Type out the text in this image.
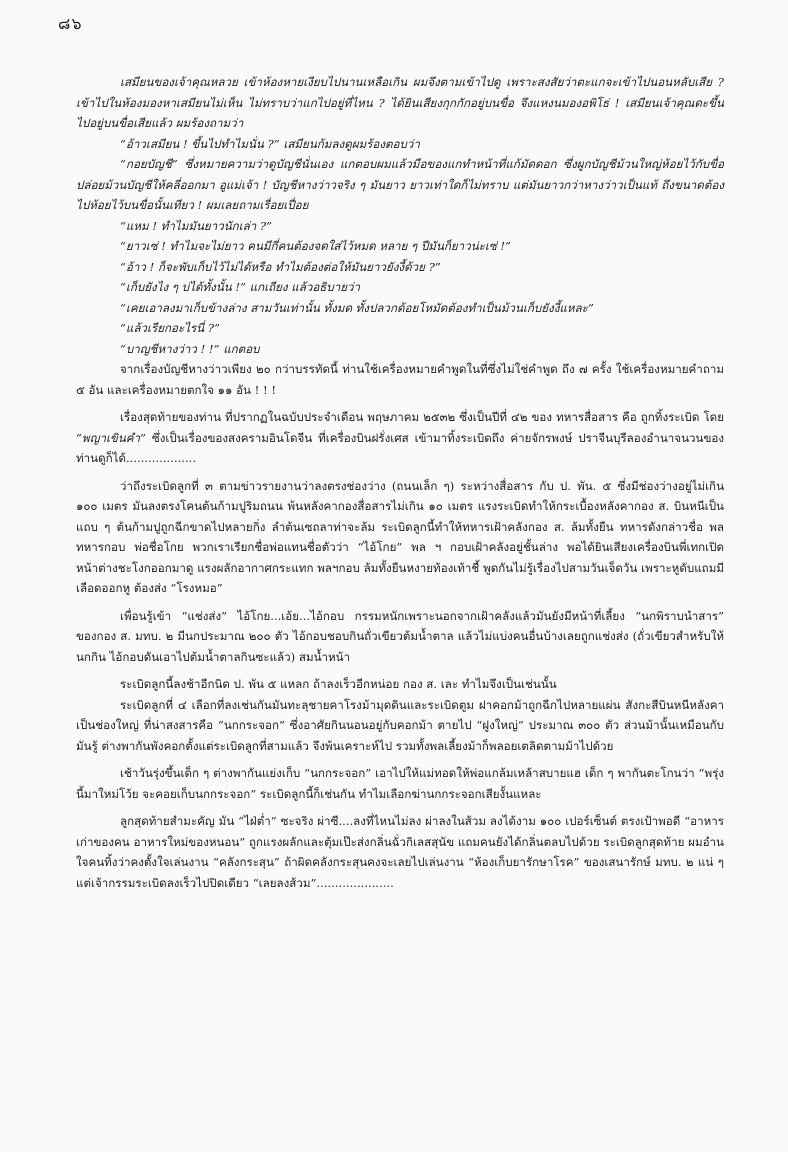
๘๖

เสมียนของเจ้าคุณหลวย เข้าห้องหายเงียบไปนานเหลือเกิน ผมจึงตามเข้าไปดู เพราะสงสัยว่าตะแกจะเข้าไปนอนหลับเสีย ? เข้าไปในห้องมองหาเสมียนไม่เห็น ไม่ทราบว่าแกไปอยู่ที่ไหน ? ได้ยินเสียงกุกกักอยู่บนขื่อ จึงแหงนมองอพิโธ่ ! เสมียนเจ้าคุณดะขึ้นไปอยู่บนขื่อเสียแล้ว ผมร้องถามว่า

“อ้าวเสมียน ! ขึ้นไปทำไมนั่น ?” เสมียนก้มลงดูผมร้องตอบว่า

“กอยบัญชี” ซึ่งหมายความว่าดูบัญชีนั่นเอง แกตอบผมแล้วมือของแกทำหน้าที่แก้มัดดอก ซึ่งผูกบัญชีม้วนใหญ่ห้อยไว้กับขื่อ ปล่อยม้วนบัญชีให้คลี่ออกมา อูแม่เจ้า ! บัญชีหางว่าวจริง ๆ มันยาว ยาวเท่าใดก็ไม่ทราบ แต่มันยาวกว่าหางว่าวเป็นแท้ ถึงขนาดต้องไปห้อยไว้บนขื่อนั้นเทียว ! ผมเลยถามเรื่อยเปื่อย

“แหม ! ทำไมมันยาวนักเล่า ?”

“ยาวเซ่ ! ทำไมจะไม่ยาว คนมีกี่คนต้องจดใส่ไว้หมด หลาย ๆ ปีมันก็ยาวน่ะเซ่ !”

“อ้าว ! ก็จะพับเก็บไว้ไม่ได้หรือ ทำไมต้องต่อให้มันยาวยังงี้ด้วย ?”

“เก็บยังไง ๆ บ่ได้ทั้งนั้น !” แกเถียง แล้วอธิบายว่า

“เคยเอาลงมาเก็บข้างล่าง สามวันเท่านั้น ทั้งมด ทั้งปลวกด้อยโหมัดต้องทำเป็นม้วนเก็บยังงี้แหละ”

“แล้วเรียกอะไรนี่ ?”

“บาญชีหางว่าว ! !” แกตอบ

จากเรื่องบัญชีหางว่าวเพียง ๒๐ กว่าบรรทัดนี้ ท่านใช้เครื่องหมายคำพูดในที่ซึ่งไม่ใช่คำพูด ถึง ๗ ครั้ง ใช้เครื่องหมายคำถาม ๕ อัน และเครื่องหมายตกใจ ๑๑ อัน ! ! !

เรื่องสุดท้ายของท่าน ที่ปรากฏในฉบับประจำเดือน พฤษภาคม ๒๕๓๒ ซึ่งเป็นปีที่ ๔๒ ของ ทหารสื่อสาร คือ ถูกทิ้งระเบิด โดย “พญาเขินคำ” ซึ่งเป็นเรื่องของสงครามอินโดจีน ที่เครื่องบินฝรั่งเศส เข้ามาทิ้งระเบิดถึง ค่ายจักรพงษ์ ปราจีนบุรีลองอำนาจนวนของท่านดูก็ได้...................

ว่าถึงระเบิดลูกที่ ๓ ตามข่าวรายงานว่าลงตรงช่องว่าง (ถนนเล็ก ๆ) ระหว่างสื่อสาร กับ ป. พัน. ๕ ซึ่งมีช่องว่างอยู่ไม่เกิน ๑๐๐ เมตร มันลงตรงโคนต้นก้ามปูริมถนน พ้นหลังคากองสื่อสารไม่เกิน ๑๐ เมตร แรงระเบิดทำให้กระเบื้องหลังคากอง ส. บินหนีเป็นแถบ ๆ ต้นก้ามปูถูกฉีกขาดไปหลายกิ่ง ลำต้นเซถลาท่าจะล้ม ระเบิดลูกนี้ทำให้ทหารเฝ้าคลังกอง ส. ล้มทั้งยืน ทหารดังกล่าวชื่อ พลทหารกอบ พ่อชื่อโกย พวกเราเรียกชื่อพ่อแทนชื่อตัวว่า “ไอ้โกย” พล ฯ กอบเฝ้าคลังอยู่ชั้นล่าง พอได้ยินเสียงเครื่องบินพี่เทกเปิดหน้าต่างชะโงกออกมาดู แรงผลักอากาศกระแทก พลฯกอบ ล้มทั้งยืนหงายท้องเท้าชี้ พูดกันไม่รู้เรื่องไปสามวันเจ็ดวัน เพราะหูดับแถมมีเลือดออกหู ต้องส่ง “โรงหมอ”

เพื่อนรู้เข้า “แช่งส่ง” ไอ้โกย...เอ้ย...ไอ้กอบ กรรมหนักเพราะนอกจากเฝ้าคลังแล้วมันยังมีหน้าที่เลี้ยง “นกพิราบนำสาร” ของกอง ส. มทบ. ๒ มีนกประมาณ ๒๐๐ ตัว ไอ้กอบชอบกินถั่วเขียวต้มน้ำตาล แล้วไม่แบ่งคนอื่นบ้างเลยถูกแช่งส่ง (ถั่วเขียวสำหรับให้นกกิน ไอ้กอบดันเอาไปต้มน้ำตาลกินซะแล้ว) สมน้ำหน้า

ระเบิดลูกนี้ลงช้าอีกนิด ป. พัน ๕ แหลก ถ้าลงเร็วอีกหน่อย กอง ส. เละ ทำไมจึงเป็นเช่นนั้น

ระเบิดลูกที่ ๔ เลือกที่ลงเช่นกันมันทะลุชายคาโรงม้ามุดดินและระเบิดตูม ฝาคอกม้าถูกฉีกไปหลายแผ่น สังกะสีบินหนีหลังคาเป็นช่องใหญ่ ที่น่าสงสารคือ “นกกระจอก” ซึ่งอาศัยกินนอนอยู่กับคอกม้า ตายไป “ฝูงใหญ่” ประมาณ ๓๐๐ ตัว ส่วนม้านั้นเหมือนกับมันรู้ ต่างพากันพังคอกตั้งแต่ระเบิดลูกที่สามแล้ว จึงพ้นเคราะห์ไป รวมทั้งพลเลี้ยงม้าก็พลอยเตลิดตามม้าไปด้วย

เช้าวันรุ่งขึ้นเด็ก ๆ ต่างพากันแย่งเก็บ “นกกระจอก” เอาไปให้แม่ทอดให้พ่อแกล้มเหล้าสบายแฮ เด็ก ๆ พากันตะโกนว่า “พรุ่งนี้มาใหม่โว้ย จะคอยเก็บนกกระจอก” ระเบิดลูกนี้ก็เช่นกัน ทำไมเลือกฆ่านกกระจอกเสียงั้นแหละ

ลูกสุดท้ายสำมะคัญ มัน “ไฝ่ต่ำ” ซะจริง ผ่าซี....ลงที่ไหนไม่ลง ผ่าลงในส้วม ลงได้งาม ๑๐๐ เปอร์เซ็นต์ ตรงเป้าพอดี “อาหารเก่าของคน อาหารใหม่ของหนอน” ถูกแรงผลักและตุ้มเป๊ะส่งกลิ่นฉั่วกิเลสสุนัข แถมคนยังได้กลิ่นตลบไปด้วย ระเบิดลูกสุดท้าย ผมอำนใจคนทิ้งว่าคงตั้งใจเล่นงาน “คลังกระสุน” ถ้าผิดคลังกระสุนคงจะเลยไปเล่นงาน “ห้องเก็บยารักษาโรค” ของเสนารักษ์ มทบ. ๒ แน่ ๆ แต่เจ้ากรรมระเบิดลงเร็วไปปิดเดียว “เลยลงส้วม”.....................
